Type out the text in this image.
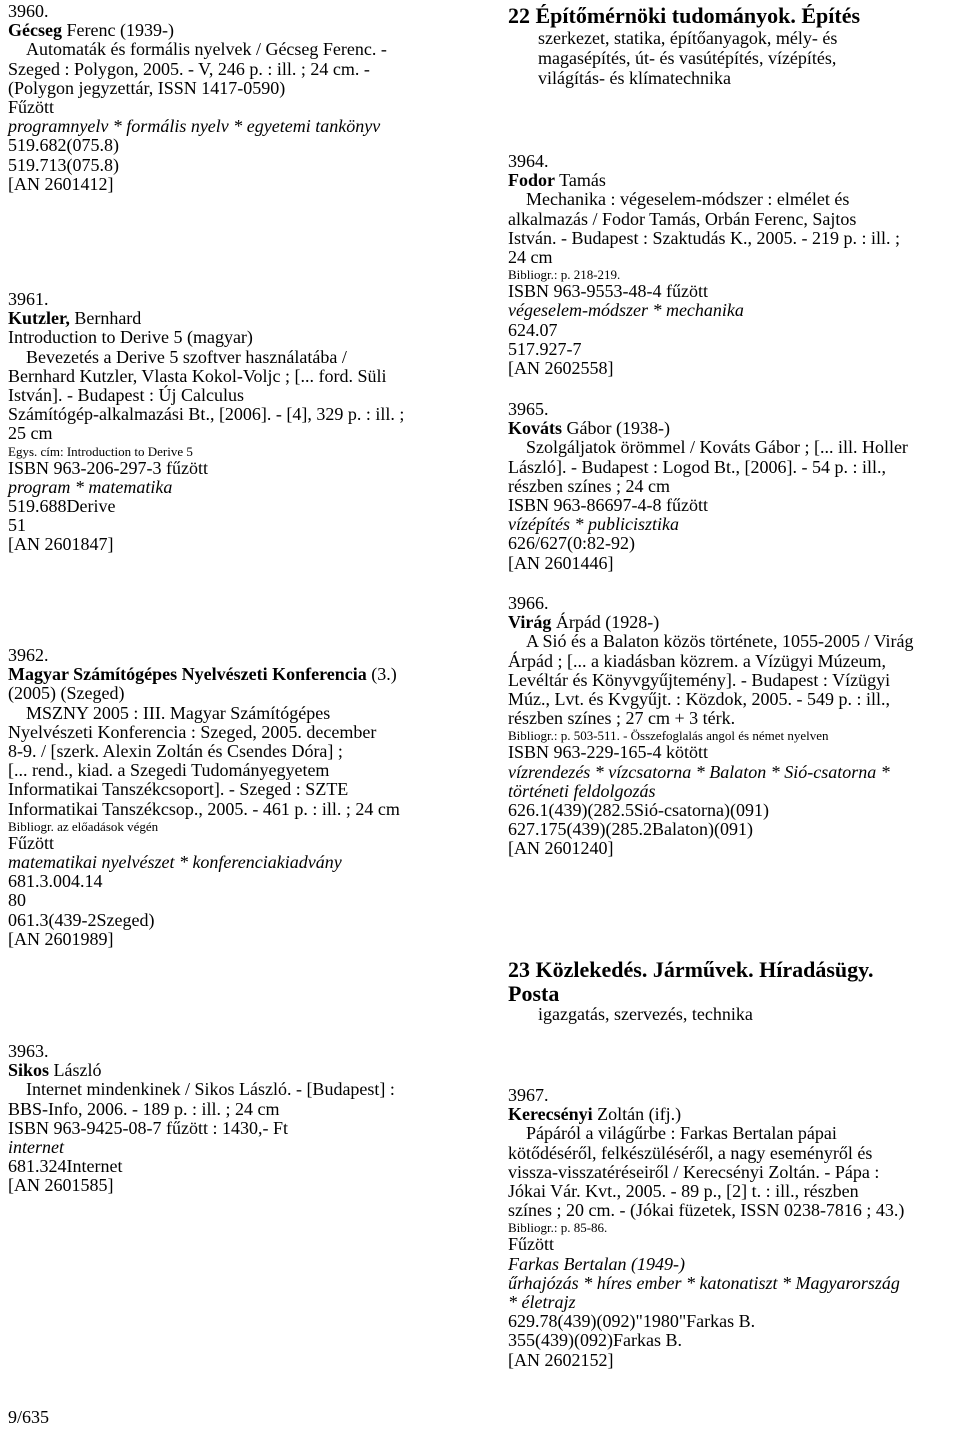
3960.
Gécseg Ferenc (1939-)
Automaták és formális nyelvek / Gécseg Ferenc. -
Szeged : Polygon, 2005. - V, 246 p. : ill. ; 24 cm. -
(Polygon jegyzettár, ISSN 1417-0590)
Fűzött
programnyelv * formális nyelv * egyetemi tankönyv
519.682(075.8)
519.713(075.8)
[AN 2601412]
3961.
Kutzler, Bernhard
Introduction to Derive 5 (magyar)
Bevezetés a Derive 5 szoftver használatába /
Bernhard Kutzler, Vlasta Kokol-Voljc ; [... ford. Süli
István]. - Budapest : Új Calculus
Számítógép-alkalmazási Bt., [2006]. - [4], 329 p. : ill. ;
25 cm
Egys. cím: Introduction to Derive 5
ISBN 963-206-297-3 fűzött
program * matematika
519.688Derive
51
[AN 2601847]
3962.
Magyar Számítógépes Nyelvészeti Konferencia (3.)
(2005) (Szeged)
MSZNY 2005 : III. Magyar Számítógépes
Nyelvészeti Konferencia : Szeged, 2005. december
8-9. / [szerk. Alexin Zoltán és Csendes Dóra] ;
[... rend., kiad. a Szegedi Tudományegyetem
Informatikai Tanszékcsoport]. - Szeged : SZTE
Informatikai Tanszékcsop., 2005. - 461 p. : ill. ; 24 cm
Bibliogr. az előadások végén
Fűzött
matematikai nyelvészet * konferenciakiadvány
681.3.004.14
80
061.3(439-2Szeged)
[AN 2601989]
3963.
Sikos László
Internet mindenkinek / Sikos László. - [Budapest] :
BBS-Info, 2006. - 189 p. : ill. ; 24 cm
ISBN 963-9425-08-7 fűzött : 1430,- Ft
internet
681.324Internet
[AN 2601585]
9/635
22 Építőmérnöki tudományok. Építés
szerkezet, statika, építőanyagok, mély- és
magasépítés, út- és vasútépítés, vízépítés,
világítás- és klímatechnika
3964.
Fodor Tamás
Mechanika : végeselem-módszer : elmélet és
alkalmazás / Fodor Tamás, Orbán Ferenc, Sajtos
István. - Budapest : Szaktudás K., 2005. - 219 p. : ill. ;
24 cm
Bibliogr.: p. 218-219.
ISBN 963-9553-48-4 fűzött
végeselem-módszer * mechanika
624.07
517.927-7
[AN 2602558]
3965.
Kováts Gábor (1938-)
Szolgáljatok örömmel / Kováts Gábor ; [... ill. Holler
László]. - Budapest : Logod Bt., [2006]. - 54 p. : ill.,
részben színes ; 24 cm
ISBN 963-86697-4-8 fűzött
vízépítés * publicisztika
626/627(0:82-92)
[AN 2601446]
3966.
Virág Árpád (1928-)
A Sió és a Balaton közös története, 1055-2005 / Virág
Árpád ; [... a kiadásban közrem. a Vízügyi Múzeum,
Levéltár és Könyvgyűjtemény]. - Budapest : Vízügyi
Múz., Lvt. és Kvgyűjt. : Közdok, 2005. - 549 p. : ill.,
részben színes ; 27 cm + 3 térk.
Bibliogr.: p. 503-511. - Összefoglalás angol és német nyelven
ISBN 963-229-165-4 kötött
vízrendezés * vízcsatorna * Balaton * Sió-csatorna *
történeti feldolgozás
626.1(439)(282.5Sió-csatorna)(091)
627.175(439)(285.2Balaton)(091)
[AN 2601240]
23 Közlekedés. Járművek. Híradásügy.
Posta
igazgatás, szervezés, technika
3967.
Kerecsényi Zoltán (ifj.)
Pápáról a világűrbe : Farkas Bertalan pápai
kötődéséről, felkészüléséről, a nagy eseményről és
vissza-visszatéréseiről / Kerecsényi Zoltán. - Pápa :
Jókai Vár. Kvt., 2005. - 89 p., [2] t. : ill., részben
színes ; 20 cm. - (Jókai füzetek, ISSN 0238-7816 ; 43.)
Bibliogr.: p. 85-86.
Fűzött
Farkas Bertalan (1949-)
űrhajózás * híres ember * katonatiszt * Magyarország
* életrajz
629.78(439)(092)"1980"Farkas B.
355(439)(092)Farkas B.
[AN 2602152]
